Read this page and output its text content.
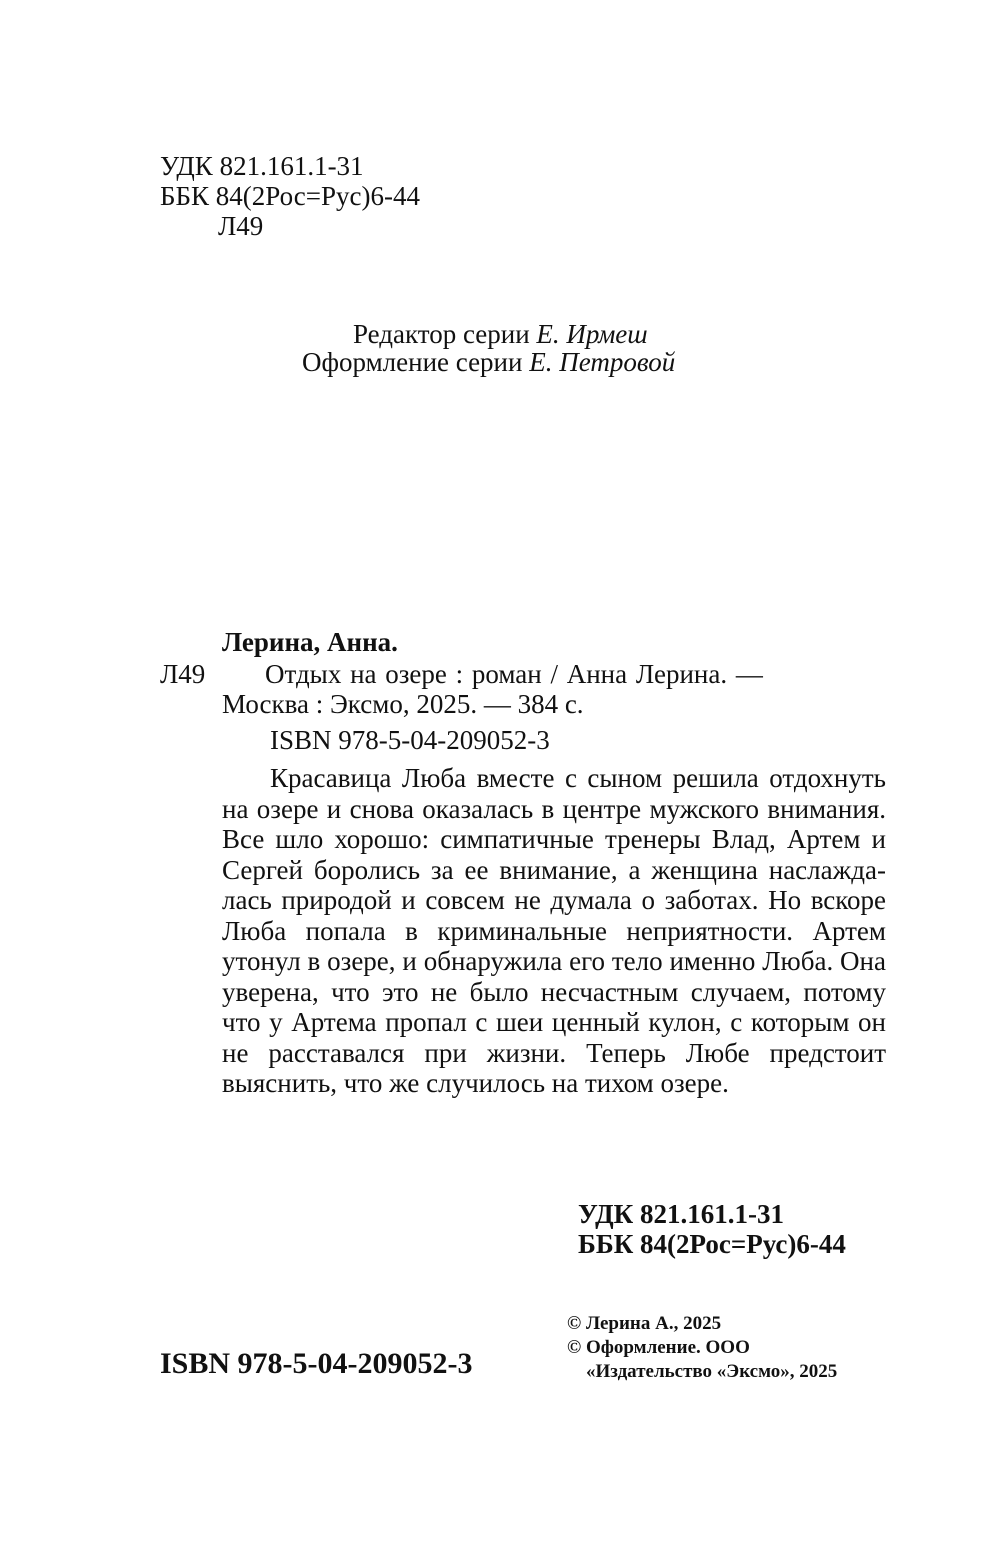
УДК 821.161.1-31
ББК 84(2Рос=Рус)6-44
Л49
Редактор серии Е. Ирмеш
Оформление серии Е. Петровой
Лерина, Анна.
Л49 Отдых на озере : роман / Анна Лерина. —
Москва : Эксмо, 2025. — 384 с.
ISBN 978-5-04-209052-3
Красавица Люба вместе с сыном решила отдохнуть на озере и снова оказалась в центре мужского внимания. Все шло хорошо: симпатичные тренеры Влад, Артем и Сергей боролись за ее внимание, а женщина наслаждалась природой и совсем не думала о заботах. Но вскоре Люба попала в криминальные неприятности. Артем утонул в озере, и обнаружила его тело именно Люба. Она уверена, что это не было несчастным случаем, потому что у Артема пропал с шеи ценный кулон, с которым он не расставался при жизни. Теперь Любе предстоит выяснить, что же случилось на тихом озере.
УДК 821.161.1-31
ББК 84(2Рос=Рус)6-44
ISBN 978-5-04-209052-3
© Лерина А., 2025
© Оформление. ООО
«Издательство «Эксмо», 2025
